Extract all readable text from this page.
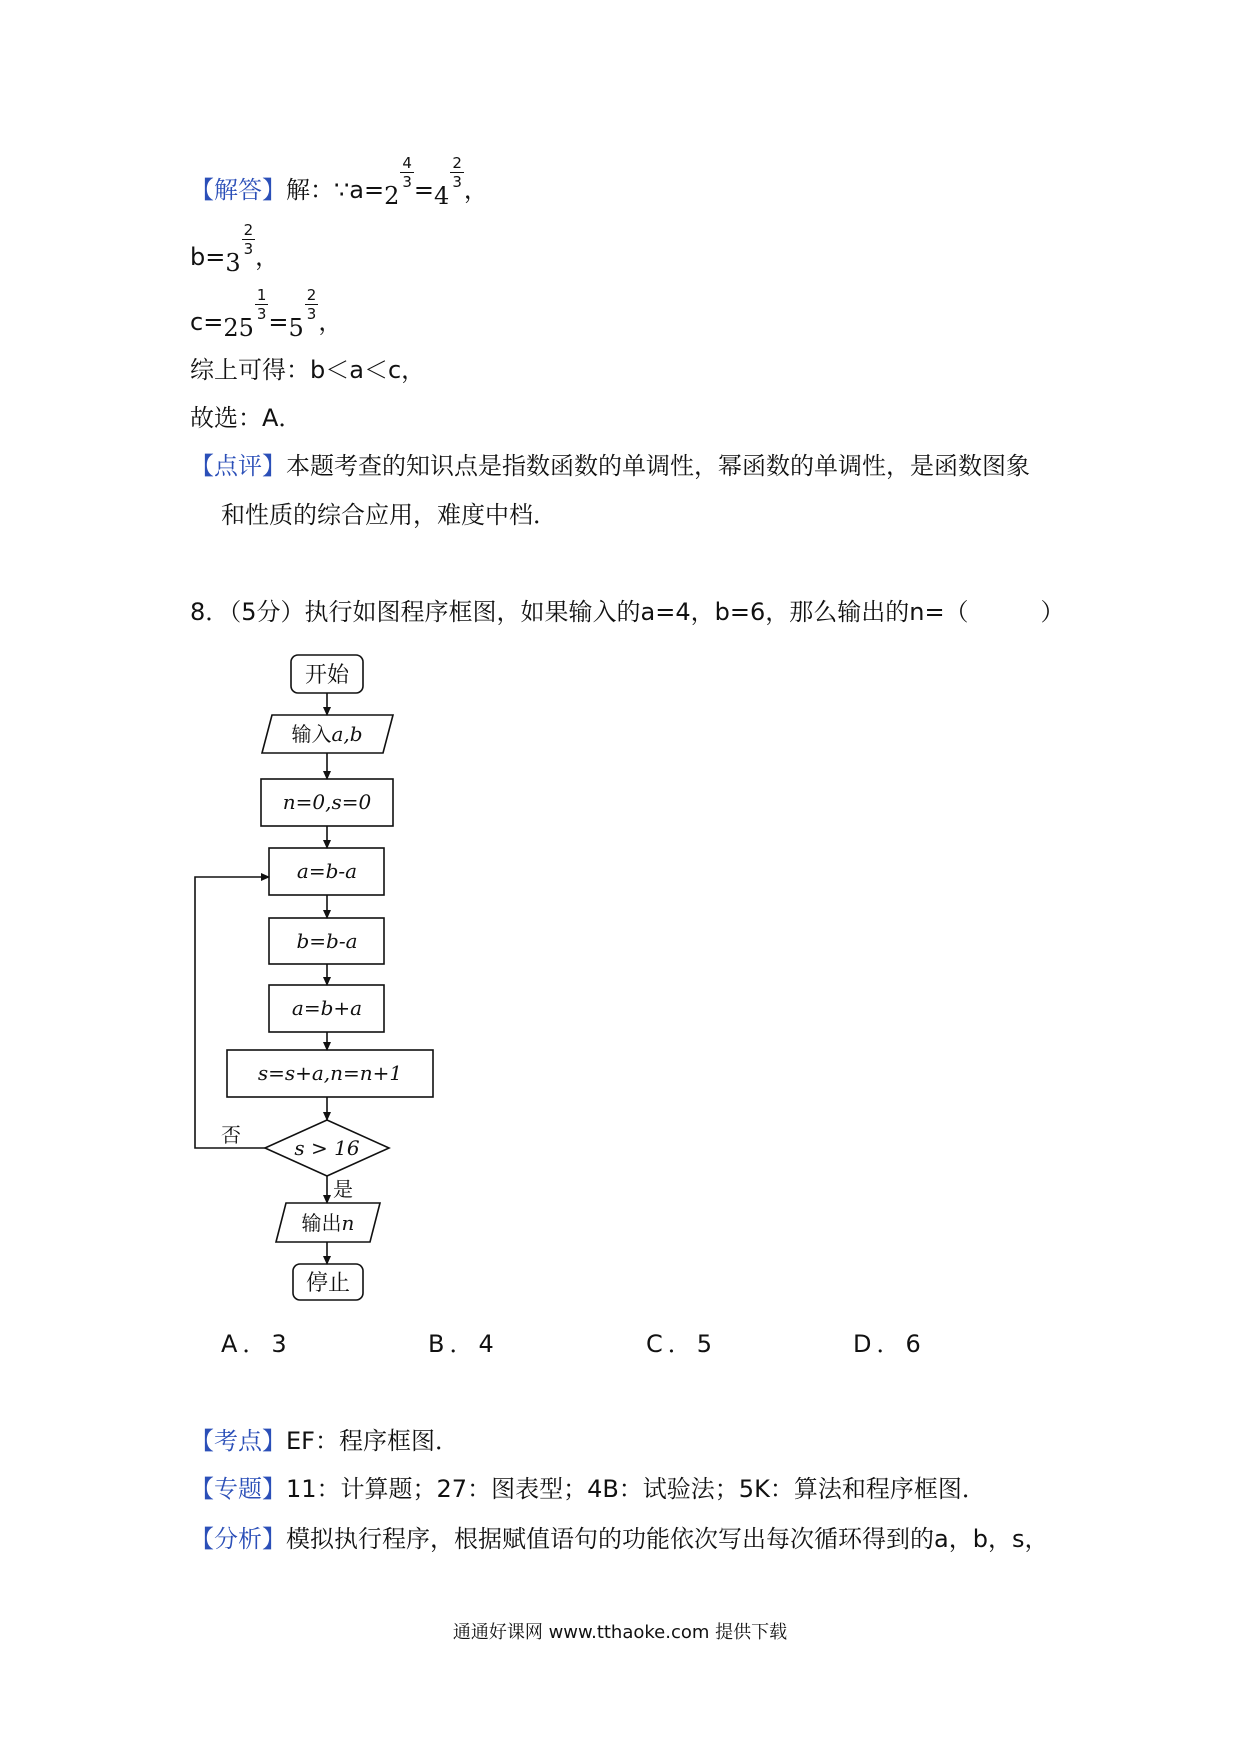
【解答】解：∵a=2
$\frac{4}{3} =4$
$\frac{2}{3}$ ，
b=3
$\frac{2}{3}$ ，
c=25
$\frac{1}{3} =5$
$\frac{2}{3}$ ，
综上可得：b＜a＜c，
故选：A．
【点评】本题考查的知识点是指数函数的单调性，幂函数的单调性，是函数图象
和性质的综合应用，难度中档．
8．（5分）执行如图程序框图，如果输入的a=4，b=6，那么输出的n=（　　　）
开始
输入a,b
n=0,s=0
a=b-a
b=b-a
a=b+a
s=s+a,n=n+1
s > 16
否
是
输出n
停止
A．3	B．4	C．5	D．6
【考点】EF：程序框图．
【专题】11：计算题；27：图表型；4B：试验法；5K：算法和程序框图．
【分析】模拟执行程序，根据赋值语句的功能依次写出每次循环得到的a，b，s，
通通好课网 www.tthaoke.com 提供下载
